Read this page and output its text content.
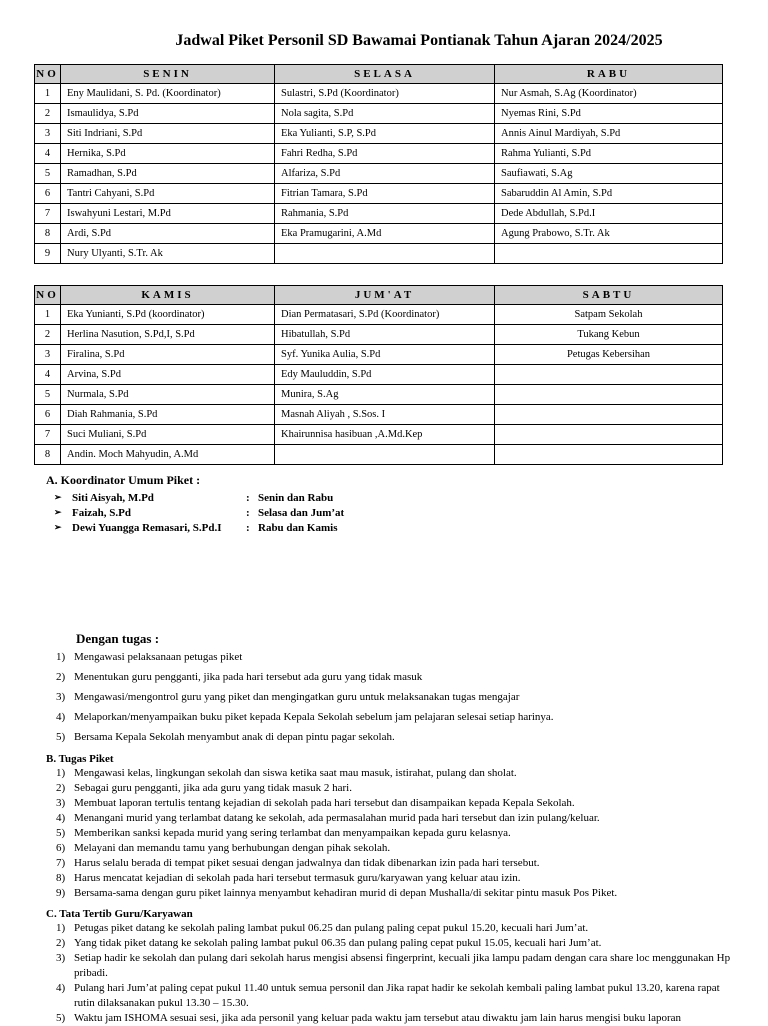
Jadwal Piket Personil SD Bawamai Pontianak Tahun Ajaran 2024/2025
NO	SENIN	SELASA	RABU
1	Eny Maulidani, S. Pd. (Koordinator)	Sulastri, S.Pd (Koordinator)	Nur Asmah, S.Ag (Koordinator)
2	Ismaulidya, S.Pd	Nola sagita, S.Pd	Nyemas Rini, S.Pd
3	Siti Indriani, S.Pd	Eka Yulianti, S.P, S.Pd	Annis Ainul Mardiyah, S.Pd
4	Hernika, S.Pd	Fahri Redha, S.Pd	Rahma Yulianti, S.Pd
5	Ramadhan, S.Pd	Alfariza, S.Pd	Saufiawati, S.Ag
6	Tantri Cahyani, S.Pd	Fitrian Tamara, S.Pd	Sabaruddin Al Amin, S.Pd
7	Iswahyuni Lestari, M.Pd	Rahmania, S.Pd	Dede Abdullah, S.Pd.I
8	Ardi, S.Pd	Eka Pramugarini, A.Md	Agung Prabowo, S.Tr. Ak
9	Nury Ulyanti, S.Tr. Ak		
NO	KAMIS	JUM'AT	SABTU
1	Eka Yunianti, S.Pd (koordinator)	Dian Permatasari, S.Pd (Koordinator)	Satpam Sekolah
2	Herlina Nasution, S.Pd,I, S.Pd	Hibatullah, S.Pd	Tukang Kebun
3	Firalina, S.Pd	Syf. Yunika Aulia, S.Pd	Petugas Kebersihan
4	Arvina, S.Pd	Edy Mauluddin, S.Pd	
5	Nurmala, S.Pd	Munira, S.Ag	
6	Diah Rahmania, S.Pd	Masnah Aliyah , S.Sos. I	
7	Suci Muliani, S.Pd	Khairunnisa hasibuan ,A.Md.Kep	
8	Andin. Moch Mahyudin, A.Md		
A. Koordinator Umum Piket :
➢ Siti Aisyah, M.Pd	: Senin dan Rabu
➢ Faizah, S.Pd	: Selasa dan Jum’at
➢ Dewi Yuangga Remasari, S.Pd.I	: Rabu dan Kamis
Dengan tugas :
1) Mengawasi pelaksanaan petugas piket
2) Menentukan guru pengganti, jika pada hari tersebut ada guru yang tidak masuk
3) Mengawasi/mengontrol guru yang piket dan mengingatkan guru untuk melaksanakan tugas mengajar
4) Melaporkan/menyampaikan buku piket kepada Kepala Sekolah sebelum jam pelajaran selesai setiap harinya.
5) Bersama Kepala Sekolah menyambut anak di depan pintu pagar sekolah.
B. Tugas Piket
1) Mengawasi kelas, lingkungan sekolah dan siswa ketika saat mau masuk, istirahat, pulang dan sholat.
2) Sebagai guru pengganti, jika ada guru yang tidak masuk 2 hari.
3) Membuat laporan tertulis tentang kejadian di sekolah pada hari tersebut dan disampaikan kepada Kepala Sekolah.
4) Menangani murid yang terlambat datang ke sekolah, ada permasalahan murid pada hari tersebut dan izin pulang/keluar.
5) Memberikan sanksi kepada murid yang sering terlambat dan menyampaikan kepada guru kelasnya.
6) Melayani dan memandu tamu yang berhubungan dengan pihak sekolah.
7) Harus selalu berada di tempat piket sesuai dengan jadwalnya dan tidak dibenarkan izin pada hari tersebut.
8) Harus mencatat kejadian di sekolah pada hari tersebut termasuk guru/karyawan yang keluar atau izin.
9) Bersama-sama dengan guru piket lainnya menyambut kehadiran murid di depan Mushalla/di sekitar pintu masuk Pos Piket.
C. Tata Tertib Guru/Karyawan
1) Petugas piket datang ke sekolah paling lambat pukul 06.25 dan pulang paling cepat pukul 15.20, kecuali hari Jum’at.
2) Yang tidak piket datang ke sekolah paling lambat pukul 06.35 dan pulang paling cepat pukul 15.05, kecuali hari Jum’at.
3) Setiap hadir ke sekolah dan pulang dari sekolah harus mengisi absensi fingerprint, kecuali jika lampu padam dengan cara share loc menggunakan Hp pribadi.
4) Pulang hari Jum’at paling cepat pukul 11.40 untuk semua personil dan Jika rapat hadir ke sekolah kembali paling lambat pukul 13.20, karena rapat rutin dilaksanakan pukul 13.30 – 15.30.
5) Waktu jam ISHOMA sesuai sesi, jika ada personil yang keluar pada waktu jam tersebut atau diwaktu jam lain harus mengisi buku laporan
